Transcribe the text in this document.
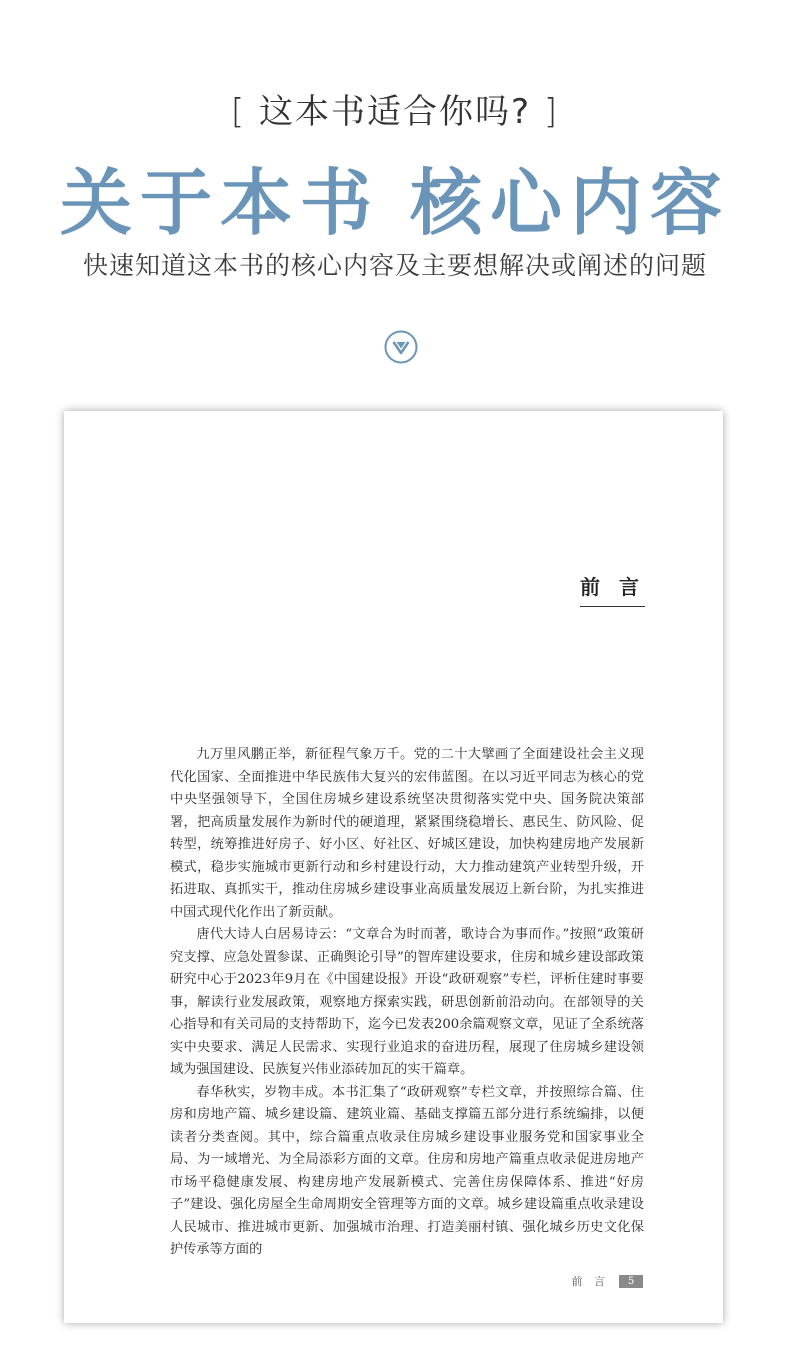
[ 这本书适合你吗? ]
关于本书 核心内容
快速知道这本书的核心内容及主要想解决或阐述的问题
前 言

九万里风鹏正举，新征程气象万千。党的二十大擘画了全面建设社会主义现代化国家、全面推进中华民族伟大复兴的宏伟蓝图。在以习近平同志为核心的党中央坚强领导下，全国住房城乡建设系统坚决贯彻落实党中央、国务院决策部署，把高质量发展作为新时代的硬道理，紧紧围绕稳增长、惠民生、防风险、促转型，统筹推进好房子、好小区、好社区、好城区建设，加快构建房地产发展新模式，稳步实施城市更新行动和乡村建设行动，大力推动建筑产业转型升级，开拓进取、真抓实干，推动住房城乡建设事业高质量发展迈上新台阶，为扎实推进中国式现代化作出了新贡献。

唐代大诗人白居易诗云：“文章合为时而著，歌诗合为事而作。”按照“政策研究支撑、应急处置参谋、正确舆论引导”的智库建设要求，住房和城乡建设部政策研究中心于2023年9月在《中国建设报》开设“政研观察”专栏，评析住建时事要事，解读行业发展政策，观察地方探索实践，研思创新前沿动向。在部领导的关心指导和有关司局的支持帮助下，迄今已发表200余篇观察文章，见证了全系统落实中央要求、满足人民需求、实现行业追求的奋进历程，展现了住房城乡建设领域为强国建设、民族复兴伟业添砖加瓦的实干篇章。

春华秋实，岁物丰成。本书汇集了“政研观察”专栏文章，并按照综合篇、住房和房地产篇、城乡建设篇、建筑业篇、基础支撑篇五部分进行系统编排，以便读者分类查阅。其中，综合篇重点收录住房城乡建设事业服务党和国家事业全局、为一域增光、为全局添彩方面的文章。住房和房地产篇重点收录促进房地产市场平稳健康发展、构建房地产发展新模式、完善住房保障体系、推进“好房子”建设、强化房屋全生命周期安全管理等方面的文章。城乡建设篇重点收录建设人民城市、推进城市更新、加强城市治理、打造美丽村镇、强化城乡历史文化保护传承等方面的

前 言	5
